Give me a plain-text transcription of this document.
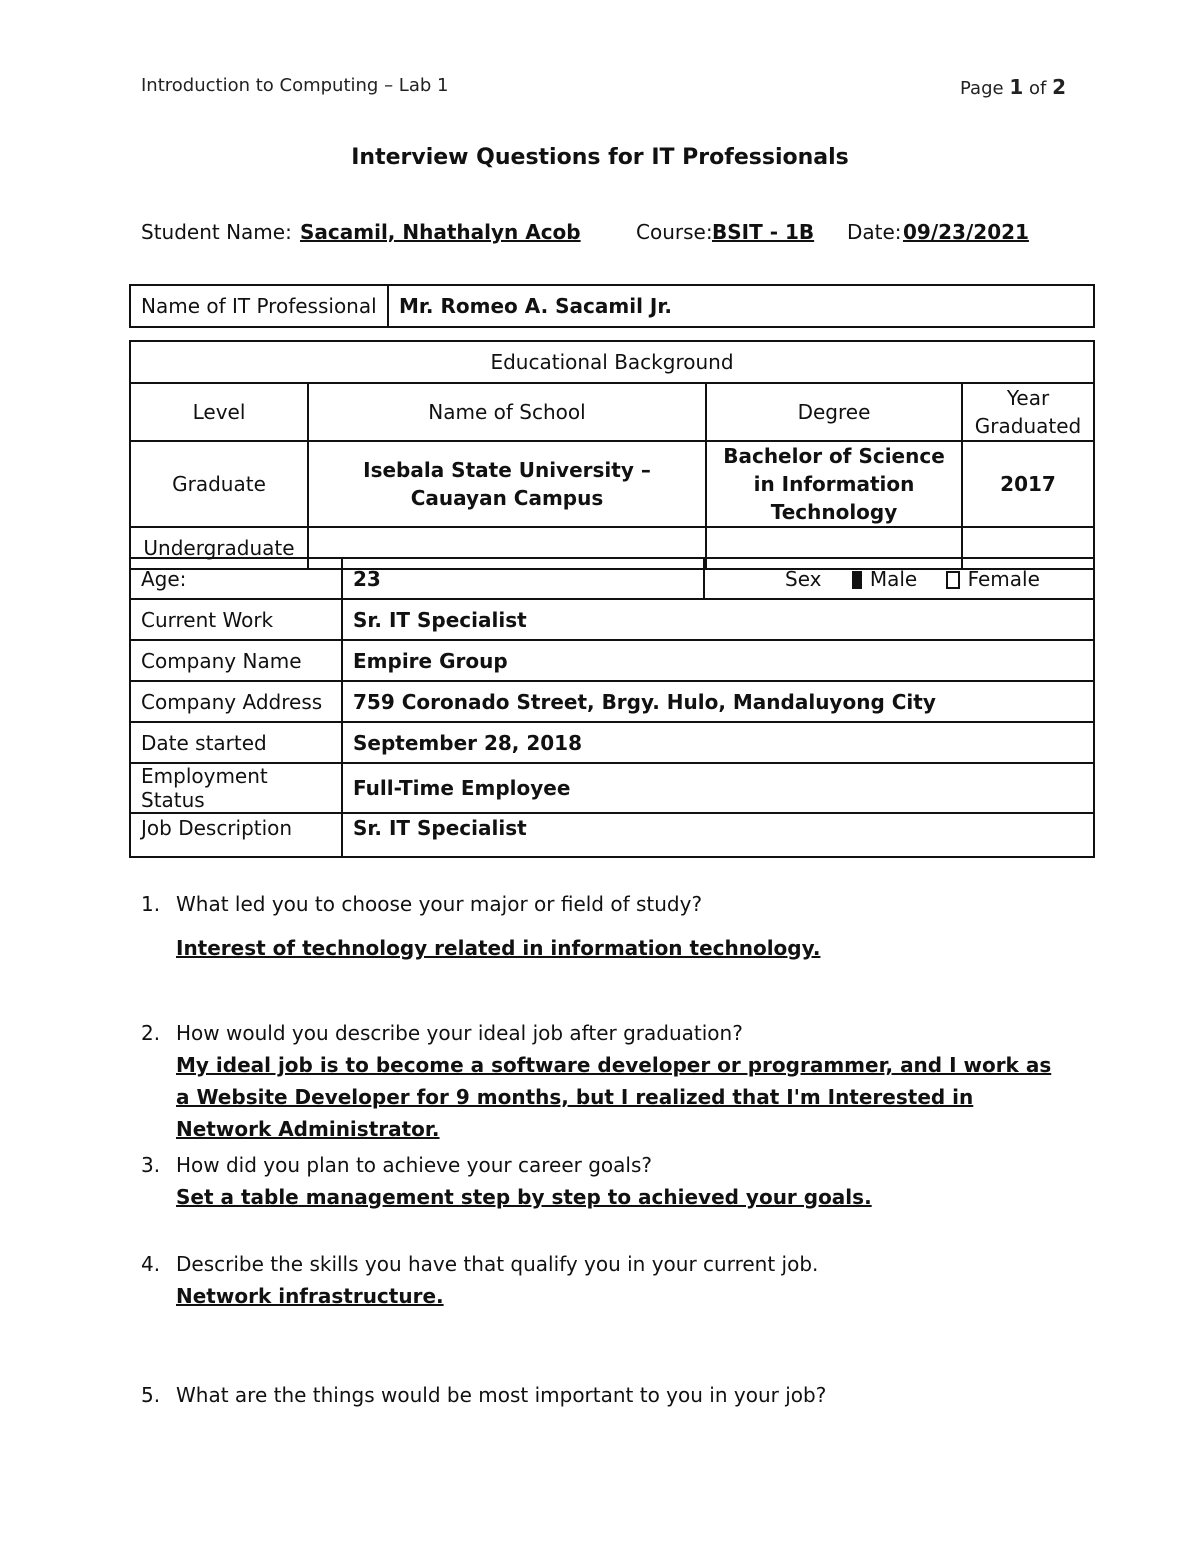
Introduction to Computing – Lab 1	Page 1 of 2
Interview Questions for IT Professionals
Student Name: Sacamil, Nhathalyn Acob	Course: BSIT - 1B Date: 09/23/2021
Name of IT Professional	Mr. Romeo A. Sacamil Jr.
Educational Background			
Level	Name of School	Degree	Year Graduated
Graduate	Isebala State University – Cauayan Campus	Bachelor of Science in Information Technology	2017
Undergraduate			
Age:	23	Sex Male Female
Current Work	Sr. IT Specialist	
Company Name	Empire Group	
Company Address	759 Coronado Street, Brgy. Hulo, Mandaluyong City	
Date started	September 28, 2018	
Employment Status	Full-Time Employee	
Job Description	Sr. IT Specialist	
1. What led you to choose your major or field of study?
Interest of technology related in information technology.
2. How would you describe your ideal job after graduation?
My ideal job is to become a software developer or programmer, and I work as a Website Developer for 9 months, but I realized that I'm Interested in Network Administrator.
3. How did you plan to achieve your career goals?
Set a table management step by step to achieved your goals.
4. Describe the skills you have that qualify you in your current job.
Network infrastructure.
5. What are the things would be most important to you in your job?
